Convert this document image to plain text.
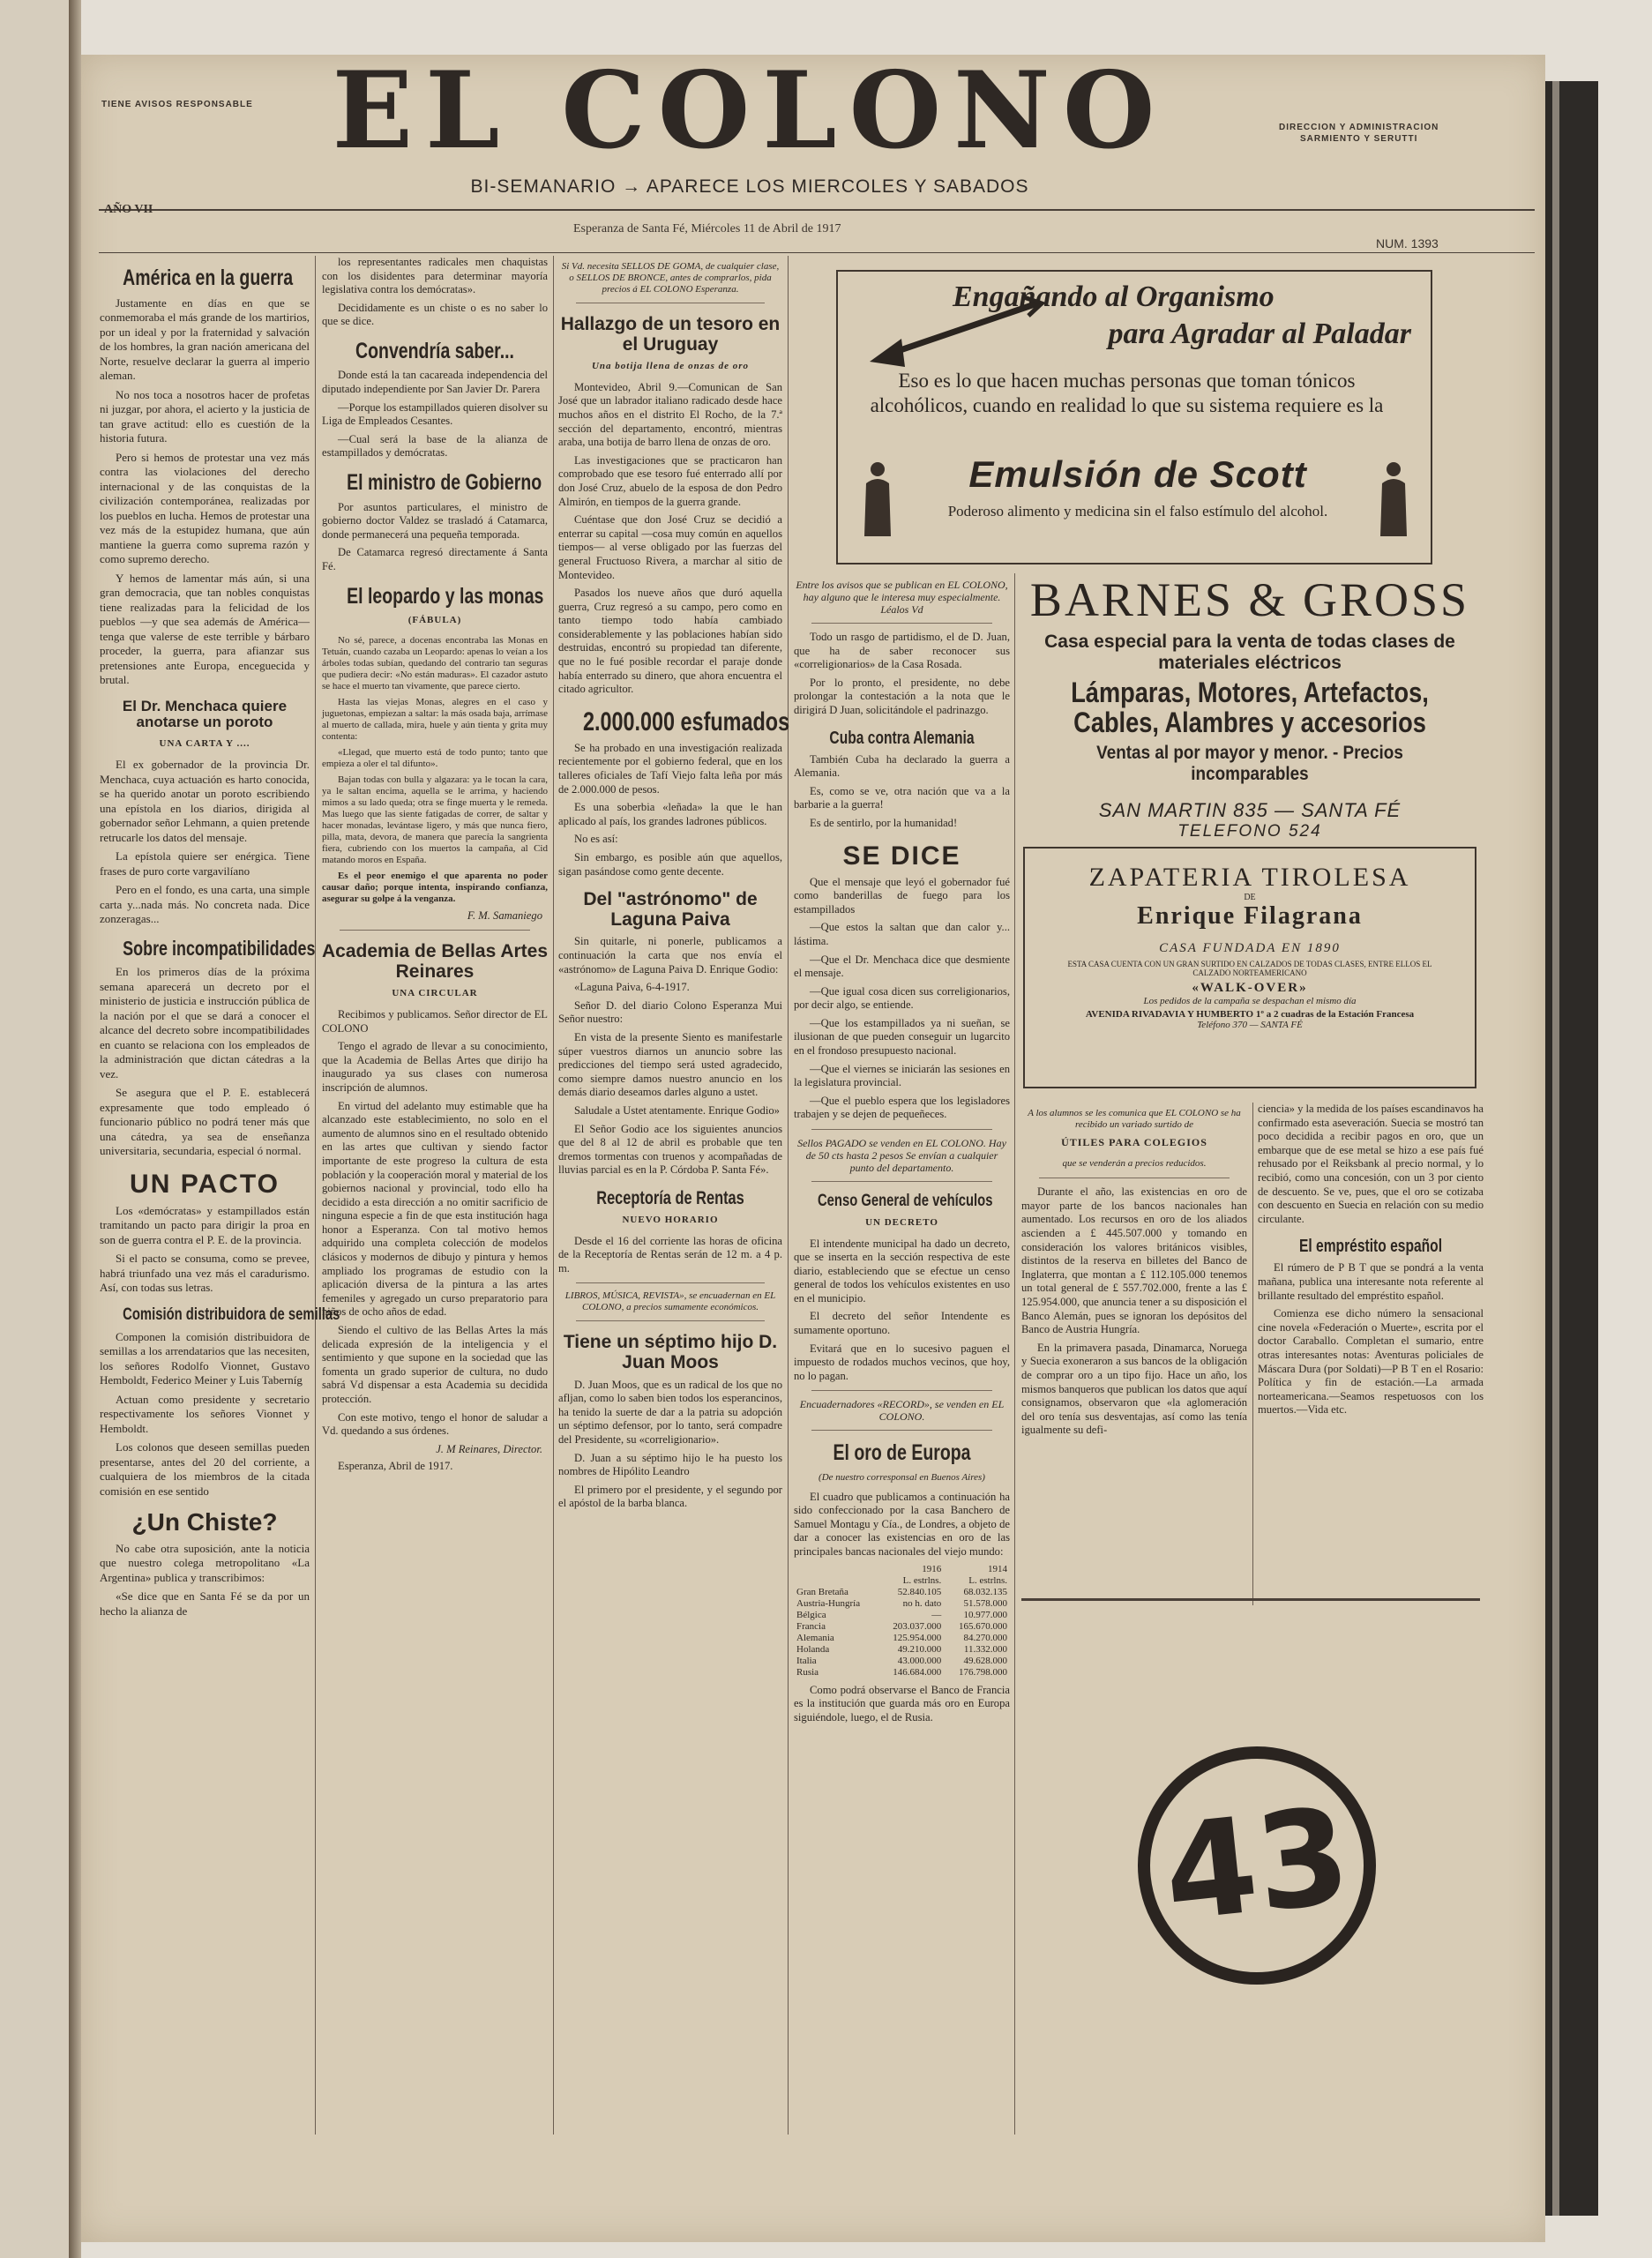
TIENE AVISOS RESPONSABLE EL COLONO
BI-SEMANARIO → APARECE LOS MIERCOLES Y SABADOS
DIRECCION Y ADMINISTRACION
SARMIENTO Y SERUTTI
AÑO VII
Esperanza de Santa Fé, Miércoles 11 de Abril de 1917
NUM. 1393
América en la guerra

Justamente en días en que se conmemoraba el más grande de los martirios, por un ideal y por la fraternidad y salvación de los hombres, la gran nación americana del Norte, resuelve declarar la guerra al imperio aleman.

No nos toca a nosotros hacer de profetas ni juzgar, por ahora, el acierto y la justicia de tan grave actitud: ello es cuestión de la historia futura.

Pero si hemos de protestar una vez más contra las violaciones del derecho internacional y de las conquistas de la civilización contemporánea, realizadas por los pueblos en lucha. Hemos de protestar una vez más de la estupidez humana, que aún mantiene la guerra como suprema razón y como supremo derecho.

Y hemos de lamentar más aún, si una gran democracia, que tan nobles conquistas tiene realizadas para la felicidad de los pueblos —y que sea además de América— tenga que valerse de este terrible y bárbaro proceder, la guerra, para afianzar sus pretensiones ante Europa, enceguecida y brutal.

El Dr. Menchaca quiere anotarse un poroto
UNA CARTA Y ....

El ex gobernador de la provincia Dr. Menchaca, cuya actuación es harto conocida, se ha querido anotar un poroto escribiendo una epístola en los diarios, dirigida al gobernador señor Lehmann, a quien pretende retrucarle los datos del mensaje.

La epístola quiere ser enérgica. Tiene frases de puro corte vargavilíano

Pero en el fondo, es una carta, una simple carta y...nada más. No concreta nada. Dice zonzeragas...

Sobre incompatibilidades

En los primeros días de la próxima semana aparecerá un decreto por el ministerio de justicia e instrucción pública de la nación por el que se dará a conocer el alcance del decreto sobre incompatibilidades en cuanto se relaciona con los empleados de la administración que dictan cátedras a la vez.

Se asegura que el P. E. establecerá expresamente que todo empleado ó funcionario público no podrá tener más que una cátedra, ya sea de enseñanza universitaria, secundaria, especial ó normal.

UN PACTO

Los «demócratas» y estampillados están tramitando un pacto para dirigir la proa en son de guerra contra el P. E. de la provincia.

Si el pacto se consuma, como se prevee, habrá triunfado una vez más el caradurismo. Así, con todas sus letras.

Comisión distribuidora de semillas

Componen la comisión distribuidora de semillas a los arrendatarios que las necesiten, los señores Rodolfo Vionnet, Gustavo Hemboldt, Federico Meiner y Luis Taberníg

Actuan como presidente y secretario respectivamente los señores Vionnet y Hemboldt.

Los colonos que deseen semillas pueden presentarse, antes del 20 del corriente, a cualquiera de los miembros de la citada comisión en ese sentido

¿Un Chiste?

No cabe otra suposición, ante la noticia que nuestro colega metropolitano «La Argentina» publica y transcribimos:

«Se dice que en Santa Fé se da por un hecho la alianza de

los representantes radicales men chaquistas con los disidentes para determinar mayoría legislativa contra los demócratas».

Decididamente es un chiste o es no saber lo que se dice.

Convendría saber...

Donde está la tan cacareada independencia del diputado independiente por San Javier Dr. Parera

—Porque los estampillados quieren disolver su Liga de Empleados Cesantes.

—Cual será la base de la alianza de estampillados y demócratas.

El ministro de Gobierno

Por asuntos particulares, el ministro de gobierno doctor Valdez se trasladó á Catamarca, donde permanecerá una pequeña temporada.

De Catamarca regresó directamente á Santa Fé.

El leopardo y las monas
(FÁBULA)

No sé, parece, a docenas encontraba las Monas en Tetuán, cuando cazaba un Leopardo: apenas lo veían a los árboles todas subían, quedando del contrario tan seguras que pudiera decir: «No están maduras». El cazador astuto se hace el muerto tan vivamente, que parece cierto.

Hasta las viejas Monas, alegres en el caso y juguetonas, empiezan a saltar: la más osada baja, arrímase al muerto de callada, mira, huele y aún tienta y grita muy contenta:

«Llegad, que muerto está de todo punto; tanto que empieza a oler el tal difunto».

Bajan todas con bulla y algazara: ya le tocan la cara, ya le saltan encima, aquella se le arrima, y haciendo mimos a su lado queda; otra se finge muerta y le remeda. Mas luego que las siente fatigadas de correr, de saltar y hacer monadas, levántase ligero, y más que nunca fiero, pilla, mata, devora, de manera que parecía la sangrienta fiera, cubriendo con los muertos la campaña, al Cid matando moros en España.

Es el peor enemigo el que aparenta no poder causar daño; porque intenta, inspirando confianza, asegurar su golpe á la venganza.

F. M. Samaniego
Academia de Bellas Artes Reinares
UNA CIRCULAR

Recibimos y publicamos. Señor director de EL COLONO

Tengo el agrado de llevar a su conocimiento, que la Academia de Bellas Artes que dirijo ha inaugurado ya sus clases con numerosa inscripción de alumnos.

En virtud del adelanto muy estimable que ha alcanzado este establecimiento, no solo en el aumento de alumnos sino en el resultado obtenido en las artes que cultivan y siendo factor importante de este progreso la cultura de esta población y la cooperación moral y material de los gobiernos nacional y provincial, todo ello ha decidido a esta dirección a no omitir sacrificio de ninguna especie a fin de que esta institución haga honor a Esperanza. Con tal motivo hemos adquirido una completa colección de modelos clásicos y modernos de dibujo y pintura y hemos ampliado los programas de estudio con la aplicación diversa de la pintura a las artes femeniles y agregado un curso preparatorio para niños de ocho años de edad.

Siendo el cultivo de las Bellas Artes la más delicada expresión de la inteligencia y el sentimiento y que supone en la sociedad que las fomenta un grado superior de cultura, no dudo sabrá Vd dispensar a esta Academia su decidida protección.

Con este motivo, tengo el honor de saludar a Vd. quedando a sus órdenes.

J. M Reinares, Director.

Esperanza, Abril de 1917.

Si Vd. necesita SELLOS DE GOMA, de cualquier clase, o SELLOS DE BRONCE, antes de comprarlos, pida precios á EL COLONO Esperanza.
Hallazgo de un tesoro en el Uruguay
Una botija llena de onzas de oro

Montevideo, Abril 9.—Comunican de San José que un labrador italiano radicado desde hace muchos años en el distrito El Rocho, de la 7.ª sección del departamento, encontró, mientras araba, una botija de barro llena de onzas de oro.

Las investigaciones que se practicaron han comprobado que ese tesoro fué enterrado allí por don José Cruz, abuelo de la esposa de don Pedro Almirón, en tiempos de la guerra grande.

Cuéntase que don José Cruz se decidió a enterrar su capital —cosa muy común en aquellos tiempos— al verse obligado por las fuerzas del general Fructuoso Rivera, a marchar al sitio de Montevideo.

Pasados los nueve años que duró aquella guerra, Cruz regresó a su campo, pero como en tanto tiempo todo había cambiado considerablemente y las poblaciones habían sido destruidas, encontró su propiedad tan diferente, que no le fué posible recordar el paraje donde había enterrado su dinero, que ahora encuentra el citado agricultor.

2.000.000 esfumados

Se ha probado en una investigación realizada recientemente por el gobierno federal, que en los talleres oficiales de Tafí Viejo falta leña por más de 2.000.000 de pesos.

Es una soberbia «leñada» la que le han aplicado al país, los grandes ladrones públicos.

No es así:

Sin embargo, es posible aún que aquellos, sigan pasándose como gente decente.

Del "astrónomo" de Laguna Paiva

Sin quitarle, ni ponerle, publicamos a continuación la carta que nos envía el «astrónomo» de Laguna Paiva D. Enrique Godio:

«Laguna Paiva, 6-4-1917.

Señor D. del diario Colono Esperanza Mui Señor nuestro:

En vista de la presente Siento es manifestarle súper vuestros diarnos un anuncio sobre las predicciones del tiempo será usted agradecido, como siempre damos nuestro anuncio en los demás diario deseamos darles alguno a ustet.

Saludale a Ustet atentamente. Enrique Godio»

El Señor Godio ace los siguientes anuncios que del 8 al 12 de abril es probable que ten dremos tormentas con truenos y acompañadas de lluvias parcial es en la P. Córdoba P. Santa Fé».

Receptoría de Rentas
NUEVO HORARIO

Desde el 16 del corriente las horas de oficina de la Receptoría de Rentas serán de 12 m. a 4 p. m.

LIBROS, MÚSICA, REVISTA», se encuadernan en EL COLONO, a precios sumamente económicos.
Tiene un séptimo hijo D. Juan Moos

D. Juan Moos, que es un radical de los que no afljan, como lo saben bien todos los esperancinos, ha tenido la suerte de dar a la patria su adopción un séptimo defensor, por lo tanto, será compadre del Presidente, su «correligionario».

D. Juan a su séptimo hijo le ha puesto los nombres de Hipólito Leandro

El primero por el presidente, y el segundo por el apóstol de la barba blanca.

Engañando al Organismo
para Agradar al Paladar
Eso es lo que hacen muchas personas que toman tónicos alcohólicos, cuando en realidad lo que su sistema requiere es la
Emulsión de Scott
Poderoso alimento y medicina sin el falso estímulo del alcohol.
Entre los avisos que se publican en EL COLONO, hay alguno que le interesa muy especialmente. Léalos Vd

Todo un rasgo de partidismo, el de D. Juan, que ha de saber reconocer sus «correligionarios» de la Casa Rosada.

Por lo pronto, el presidente, no debe prolongar la contestación a la nota que le dirigirá D Juan, solicitándole el padrinazgo.

Cuba contra Alemania

También Cuba ha declarado la guerra a Alemania.

Es, como se ve, otra nación que va a la barbarie a la guerra!

Es de sentirlo, por la humanidad!

SE DICE

Que el mensaje que leyó el gobernador fué como banderillas de fuego para los estampillados

—Que estos la saltan que dan calor y... lástima.

—Que el Dr. Menchaca dice que desmiente el mensaje.

—Que igual cosa dicen sus correligionarios, por decir algo, se entiende.

—Que los estampillados ya ni sueñan, se ilusionan de que pueden conseguir un lugarcito en el frondoso presupuesto nacional.

—Que el viernes se iniciarán las sesiones en la legislatura provincial.

—Que el pueblo espera que los legisladores trabajen y se dejen de pequeñeces.

Sellos PAGADO se venden en EL COLONO. Hay de 50 cts hasta 2 pesos Se envían a cualquier punto del departamento.
Censo General de vehículos
UN DECRETO

El intendente municipal ha dado un decreto, que se inserta en la sección respectiva de este diario, estableciendo que se efectue un censo general de todos los vehículos existentes en uso en el municipio.

El decreto del señor Intendente es sumamente oportuno.

Evitará que en lo sucesivo paguen el impuesto de rodados muchos vecinos, que hoy, no lo pagan.

Encuadernadores «RECORD», se venden en EL COLONO.
El oro de Europa
(De nuestro corresponsal en Buenos Aires)

El cuadro que publicamos a continuación ha sido confeccionado por la casa Banchero de Samuel Montagu y Cía., de Londres, a objeto de dar a conocer las existencias en oro de las principales bancas nacionales del viejo mundo:

	1916	1914
	L. estrlns.	L. estrlns.
Gran Bretaña	52.840.105	68.032.135
Austria-Hungría	no h. dato	51.578.000
Bélgica	—	10.977.000
Francia	203.037.000	165.670.000
Alemania	125.954.000	84.270.000
Holanda	49.210.000	11.332.000
Italia	43.000.000	49.628.000
Rusia	146.684.000	176.798.000

Como podrá observarse el Banco de Francia es la institución que guarda más oro en Europa siguiéndole, luego, el de Rusia.

BARNES & GROSS
Casa especial para la venta de todas clases de materiales eléctricos
Lámparas, Motores, Artefactos, Cables, Alambres y accesorios
Ventas al por mayor y menor. - Precios incomparables
SAN MARTIN 835 — SANTA FÉ
TELEFONO 524
ZAPATERIA TIROLESA
DE
Enrique Filagrana
CASA FUNDADA EN 1890
ESTA CASA CUENTA CON UN GRAN SURTIDO EN CALZADOS DE TODAS CLASES, ENTRE ELLOS EL CALZADO NORTEAMERICANO
«WALK-OVER»
Los pedidos de la campaña se despachan el mismo día
AVENIDA RIVADAVIA Y HUMBERTO 1º a 2 cuadras de la Estación Francesa
Teléfono 370 — SANTA FÉ
A los alumnos se les comunica que EL COLONO se ha recibido un variado surtido de
ÚTILES PARA COLEGIOS
que se venderán a precios reducidos.

Durante el año, las existencias en oro de mayor parte de los bancos nacionales han aumentado. Los recursos en oro de los aliados ascienden a £ 445.507.000 y tomando en consideración los valores británicos visibles, distintos de la reserva en billetes del Banco de Inglaterra, que montan a £ 112.105.000 tenemos un total general de £ 557.702.000, frente a las £ 125.954.000, que anuncia tener a su disposición el Banco Alemán, pues se ignoran los depósitos del Banco de Austria Hungría.

En la primavera pasada, Dinamarca, Noruega y Suecia exoneraron a sus bancos de la obligación de comprar oro a un tipo fijo. Hace un año, los mismos banqueros que publican los datos que aquí consignamos, observaron que «la aglomeración del oro tenía sus desventajas, así como las tenía igualmente su defi-

ciencia» y la medida de los países escandinavos ha confirmado esta aseveración. Suecia se mostró tan poco decidida a recibir pagos en oro, que un embarque que de ese metal se hizo a ese país fué rehusado por el Reiksbank al precio normal, y lo recibió, como una concesión, con un 3 por ciento de descuento. Se ve, pues, que el oro se cotizaba con descuento en Suecia en relación con su medio circulante.

El empréstito español

El rúmero de P B T que se pondrá a la venta mañana, publica una interesante nota referente al brillante resultado del empréstito español.

Comienza ese dicho número la sensacional cine novela «Federación o Muerte», escrita por el doctor Caraballo. Completan el sumario, entre otras interesantes notas: Aventuras policiales de Máscara Dura (por Soldati)—P B T en el Rosario: Política y fin de estación.—La armada norteamericana.—Seamos respetuosos con los muertos.—Vida etc.

43
